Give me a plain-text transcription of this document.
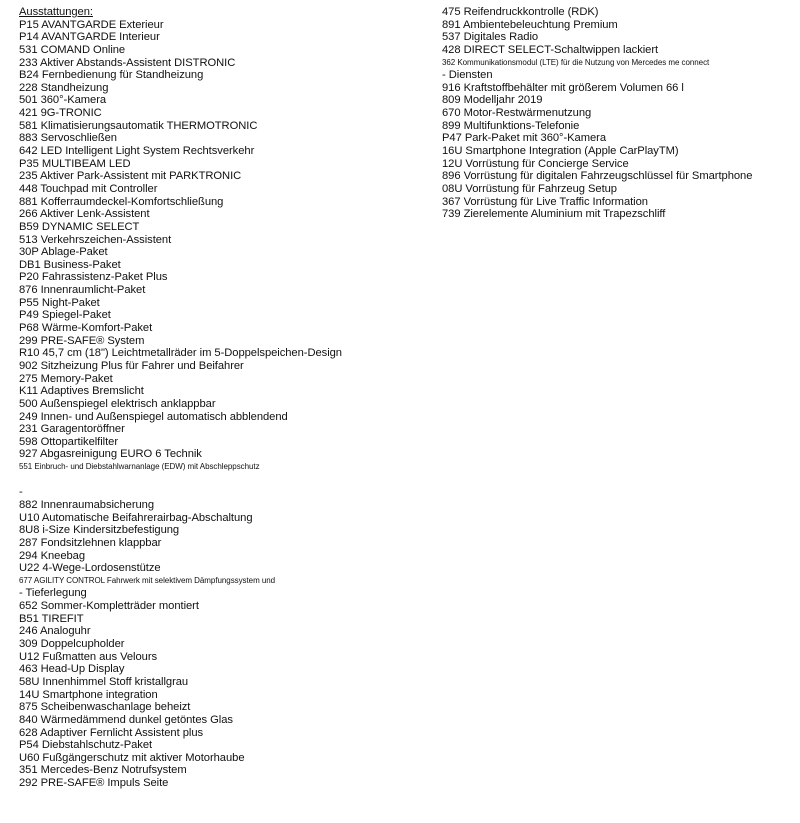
Ausstattungen:
P15 AVANTGARDE Exterieur
P14 AVANTGARDE Interieur
531 COMAND Online
233 Aktiver Abstands-Assistent DISTRONIC
B24 Fernbedienung für Standheizung
228 Standheizung
501 360°-Kamera
421 9G-TRONIC
581 Klimatisierungsautomatik THERMOTRONIC
883 Servoschließen
642 LED Intelligent Light System Rechtsverkehr
P35 MULTIBEAM LED
235 Aktiver Park-Assistent mit PARKTRONIC
448 Touchpad mit Controller
881 Kofferraumdeckel-Komfortschließung
266 Aktiver Lenk-Assistent
B59 DYNAMIC SELECT
513 Verkehrszeichen-Assistent
30P Ablage-Paket
DB1 Business-Paket
P20 Fahrassistenz-Paket Plus
876 Innenraumlicht-Paket
P55 Night-Paket
P49 Spiegel-Paket
P68 Wärme-Komfort-Paket
299 PRE-SAFE® System
R10 45,7 cm (18") Leichtmetallräder im 5-Doppelspeichen-Design
902 Sitzheizung Plus für Fahrer und Beifahrer
275 Memory-Paket
K11 Adaptives Bremslicht
500 Außenspiegel elektrisch anklappbar
249 Innen- und Außenspiegel automatisch abblendend
231 Garagentoröffner
598 Ottopartikelfilter
927 Abgasreinigung EURO 6 Technik
551 Einbruch- und Diebstahlwarnanlage (EDW) mit Abschleppschutz
-
882 Innenraumabsicherung
U10 Automatische Beifahrerairbag-Abschaltung
8U8 i-Size Kindersitzbefestigung
287 Fondsitzlehnen klappbar
294 Kneebag
U22 4-Wege-Lordosenstütze
677 AGILITY CONTROL Fahrwerk mit selektivem Dämpfungssystem und
- Tieferlegung
652 Sommer-Kompletträder montiert
B51 TIREFIT
246 Analoguhr
309 Doppelcupholder
U12 Fußmatten aus Velours
463 Head-Up Display
58U Innenhimmel Stoff kristallgrau
14U Smartphone integration
875 Scheibenwaschanlage beheizt
840 Wärmedämmend dunkel getöntes Glas
628 Adaptiver Fernlicht Assistent plus
P54 Diebstahlschutz-Paket
U60 Fußgängerschutz mit aktiver Motorhaube
351 Mercedes-Benz Notrufsystem
292 PRE-SAFE® Impuls Seite
475 Reifendruckkontrolle (RDK)
891 Ambientebeleuchtung Premium
537 Digitales Radio
428 DIRECT SELECT-Schaltwippen lackiert
362 Kommunikationsmodul (LTE) für die Nutzung von Mercedes me connect
- Diensten
916 Kraftstoffbehälter mit größerem Volumen 66 l
809 Modelljahr 2019
670 Motor-Restwärmenutzung
899 Multifunktions-Telefonie
P47 Park-Paket mit 360°-Kamera
16U Smartphone Integration (Apple CarPlayTM)
12U Vorrüstung für Concierge Service
896 Vorrüstung für digitalen Fahrzeugschlüssel für Smartphone
08U Vorrüstung für Fahrzeug Setup
367 Vorrüstung für Live Traffic Information
739 Zierelemente Aluminium mit Trapezschliff
